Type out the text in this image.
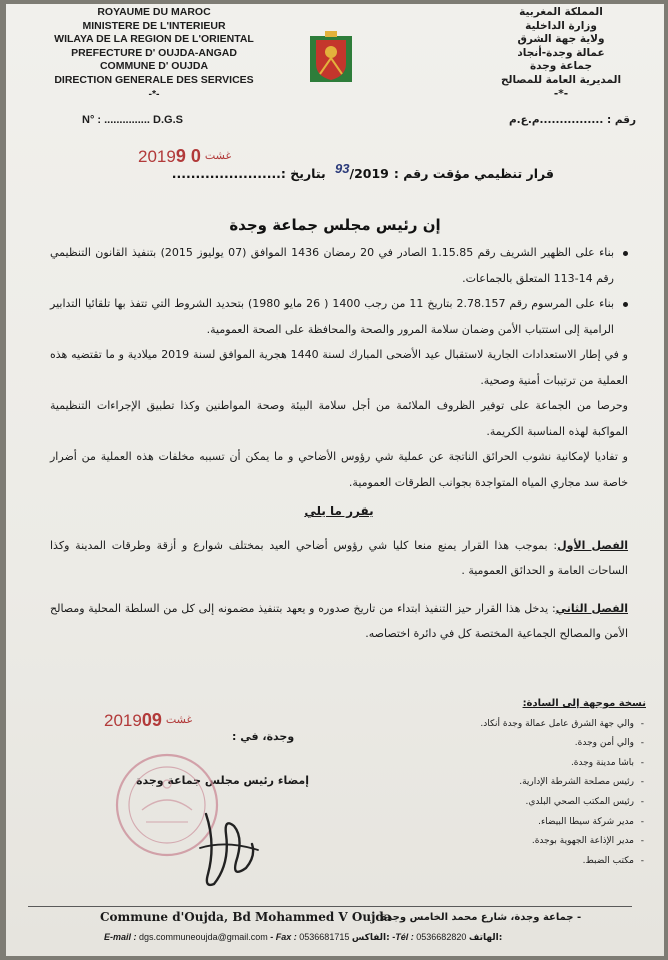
ROYAUME DU MAROC
MINISTERE DE L'INTERIEUR
WILAYA DE LA REGION DE L'ORIENTAL
PREFECTURE D' OUJDA-ANGAD
COMMUNE D' OUJDA
DIRECTION GENERALE DES SERVICES
-*-
المملكة المغربية
وزارة الداخلية
ولاية جهة الشرق
عمالة وجدة-أنجاد
جماعة وجدة
المديرية العامة للمصالح
-*-
N° : ............... D.G.S	رقم : ................م.ع.م
2019	غشت0 9
قرار تنظيمي مؤقت رقم :93/2019 بتاريخ :.......................
إن رئيس مجلس جماعة وجدة

بناء على الظهير الشريف رقم 1.15.85 الصادر في 20 رمضان 1436 الموافق (07 يوليوز 2015) بتنفيذ القانون التنظيمي رقم 14-113 المتعلق بالجماعات.

بناء على المرسوم رقم 2.78.157 بتاريخ 11 من رجب 1400 ( 26 مايو 1980) بتحديد الشروط التي تتفذ بها تلقائيا التدابير الرامية إلى استتباب الأمن وضمان سلامة المرور والصحة والمحافظة على الصحة العمومية.

و في إطار الاستعدادات الجارية لاستقبال عيد الأضحى المبارك لسنة 1440 هجرية الموافق لسنة 2019 ميلادية و ما تقتضيه هذه العملية من ترتيبات أمنية وصحية.

وحرصا من الجماعة على توفير الظروف الملائمة من أجل سلامة البيئة وصحة المواطنين وكذا تطبيق الإجراءات التنظيمية المواكبة لهذه المناسبة الكريمة.

و تفاديا لإمكانية نشوب الحرائق الناتجة عن عملية شي رؤوس الأضاحي و ما يمكن أن تسببه مخلفات هذه العملية من أضرار خاصة سد مجاري المياه المتواجدة بجوانب الطرقات العمومية.

يقرر ما يلي

الفصل الأول: بموجب هذا القرار يمنع منعا كليا شي رؤوس أضاحي العيد بمختلف شوارع و أزقة وطرقات المدينة وكذا الساحات العامة و الحدائق العمومية .

الفصل الثاني: يدخل هذا القرار حيز التنفيذ ابتداء من تاريخ صدوره و يعهد بتنفيذ مضمونه إلى كل من السلطة المحلية ومصالح الأمن والمصالح الجماعية المختصة كل في دائرة اختصاصه.

نسخة موجهة إلى السادة:
- والي جهة الشرق عامل عمالة وجدة أنكاد.
- والي أمن وجدة.
- باشا مدينة وجدة.
- رئيس مصلحة الشرطة الإدارية.
- رئيس المكتب الصحي البلدي.
- مدير شركة سيطا البيضاء.
- مدير الإذاعة الجهوية بوجدة.
- مكتب الضبط.
2019 غشت09
وجدة، في :
إمضاء رئيس مجلس جماعة وجدة
Commune d'Oujda, Bd Mohammed V Oujda
- جماعة وجدة، شارع محمد الخامس وجدة
E-mail : dgs.communeoujda@gmail.com - Fax : 0536681715 الفاكس: -Tél : 0536682820 الهاتف:
